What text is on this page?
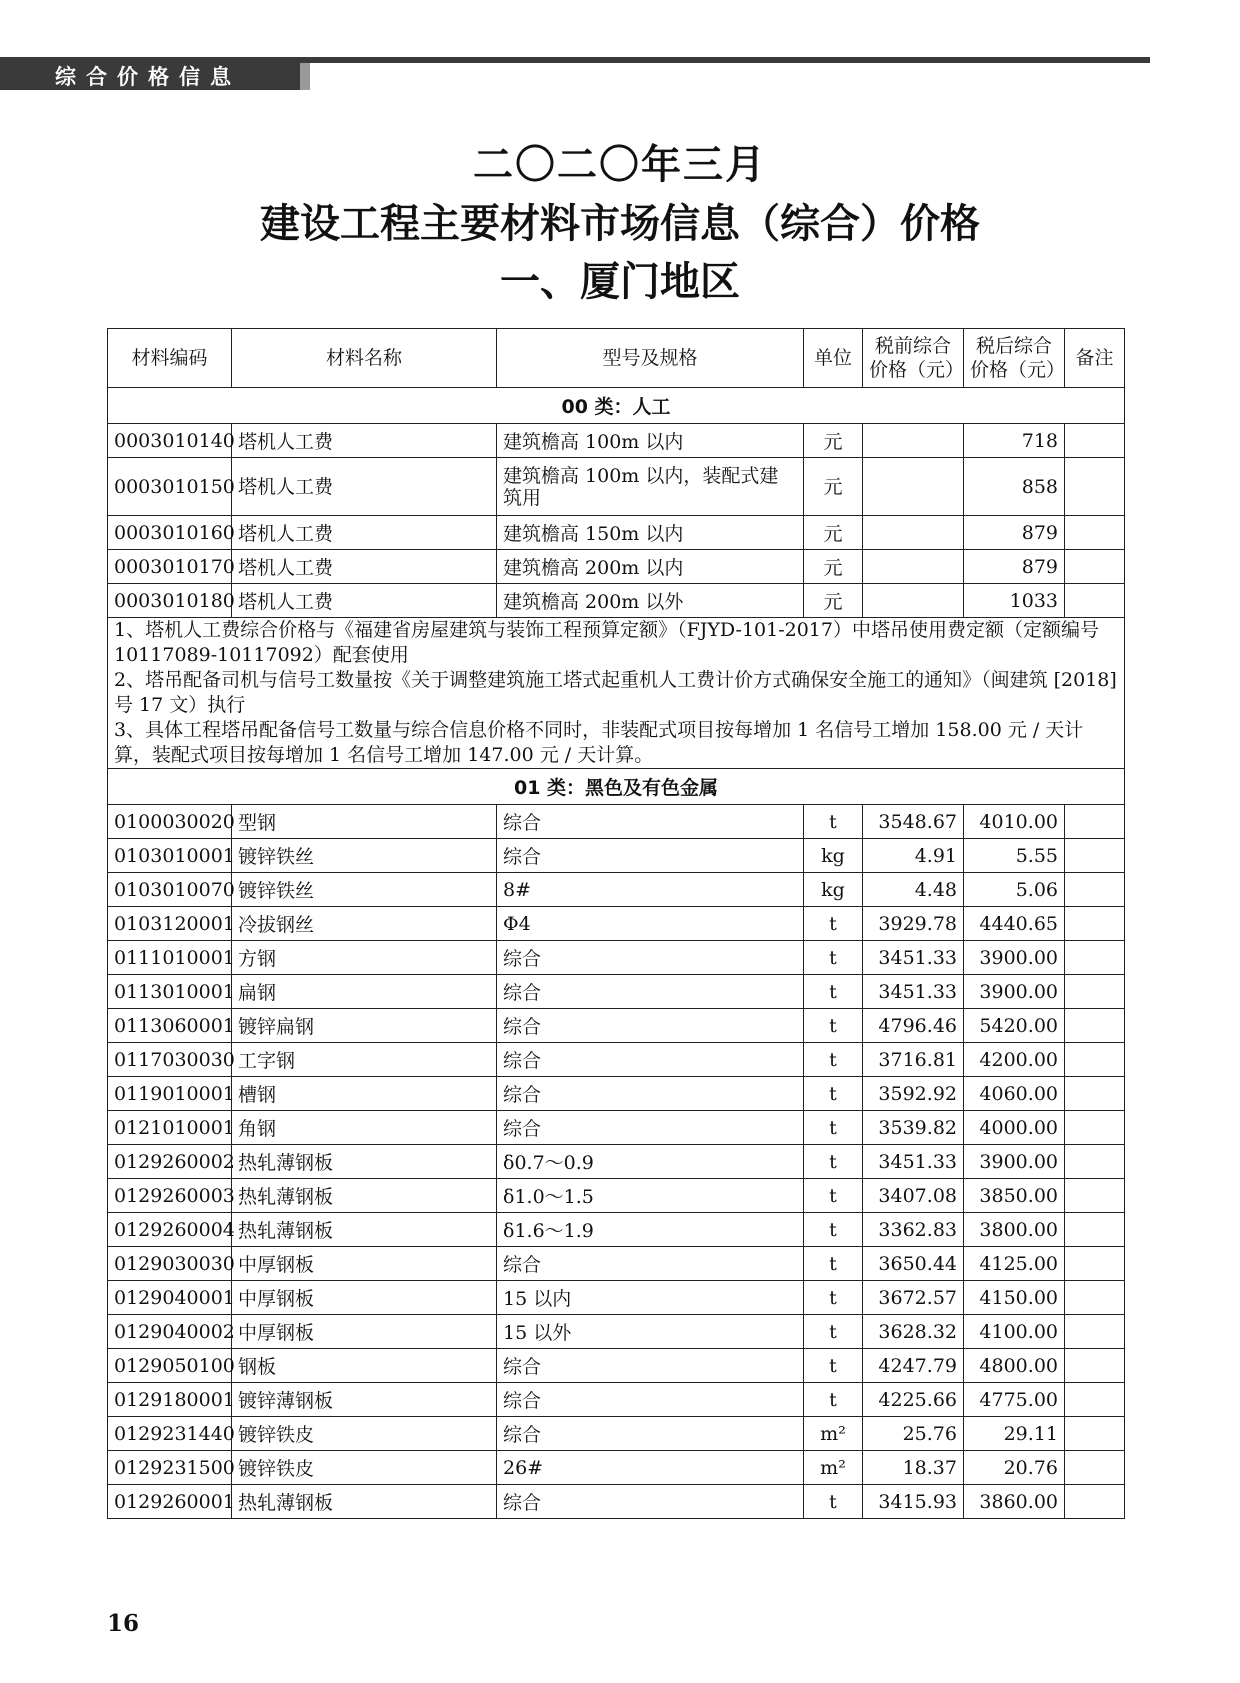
综合价格信息
二〇二〇年三月
建设工程主要材料市场信息（综合）价格
一、厦门地区
材料编码	材料名称	型号及规格	单位	税前综合价格（元）	税后综合价格（元）	备注
00 类：人工						
0003010140	塔机人工费	建筑檐高 100m 以内	元		718	
0003010150	塔机人工费	建筑檐高 100m 以内，装配式建筑用	元		858	
0003010160	塔机人工费	建筑檐高 150m 以内	元		879	
0003010170	塔机人工费	建筑檐高 200m 以内	元		879	
0003010180	塔机人工费	建筑檐高 200m 以外	元		1033	

1、塔机人工费综合价格与《福建省房屋建筑与装饰工程预算定额》（FJYD-101-2017）中塔吊使用费定额（定额编号 10117089-10117092）配套使用
2、塔吊配备司机与信号工数量按《关于调整建筑施工塔式起重机人工费计价方式确保安全施工的通知》（闽建筑 [2018] 号 17 文）执行
3、具体工程塔吊配备信号工数量与综合信息价格不同时，非装配式项目按每增加 1 名信号工增加 158.00 元 / 天计算，装配式项目按每增加 1 名信号工增加 147.00 元 / 天计算。						

01 类：黑色及有色金属						
0100030020	型钢	综合	t	3548.67	4010.00	
0103010001	镀锌铁丝	综合	kg	4.91	5.55	
0103010070	镀锌铁丝	8#	kg	4.48	5.06	
0103120001	冷拔钢丝	Φ4	t	3929.78	4440.65	
0111010001	方钢	综合	t	3451.33	3900.00	
0113010001	扁钢	综合	t	3451.33	3900.00	
0113060001	镀锌扁钢	综合	t	4796.46	5420.00	
0117030030	工字钢	综合	t	3716.81	4200.00	
0119010001	槽钢	综合	t	3592.92	4060.00	
0121010001	角钢	综合	t	3539.82	4000.00	
0129260002	热轧薄钢板	δ0.7～0.9	t	3451.33	3900.00	
0129260003	热轧薄钢板	δ1.0～1.5	t	3407.08	3850.00	
0129260004	热轧薄钢板	δ1.6～1.9	t	3362.83	3800.00	
0129030030	中厚钢板	综合	t	3650.44	4125.00	
0129040001	中厚钢板	15 以内	t	3672.57	4150.00	
0129040002	中厚钢板	15 以外	t	3628.32	4100.00	
0129050100	钢板	综合	t	4247.79	4800.00	
0129180001	镀锌薄钢板	综合	t	4225.66	4775.00	
0129231440	镀锌铁皮	综合	m²	25.76	29.11	
0129231500	镀锌铁皮	26#	m²	18.37	20.76	
0129260001	热轧薄钢板	综合	t	3415.93	3860.00	
16
